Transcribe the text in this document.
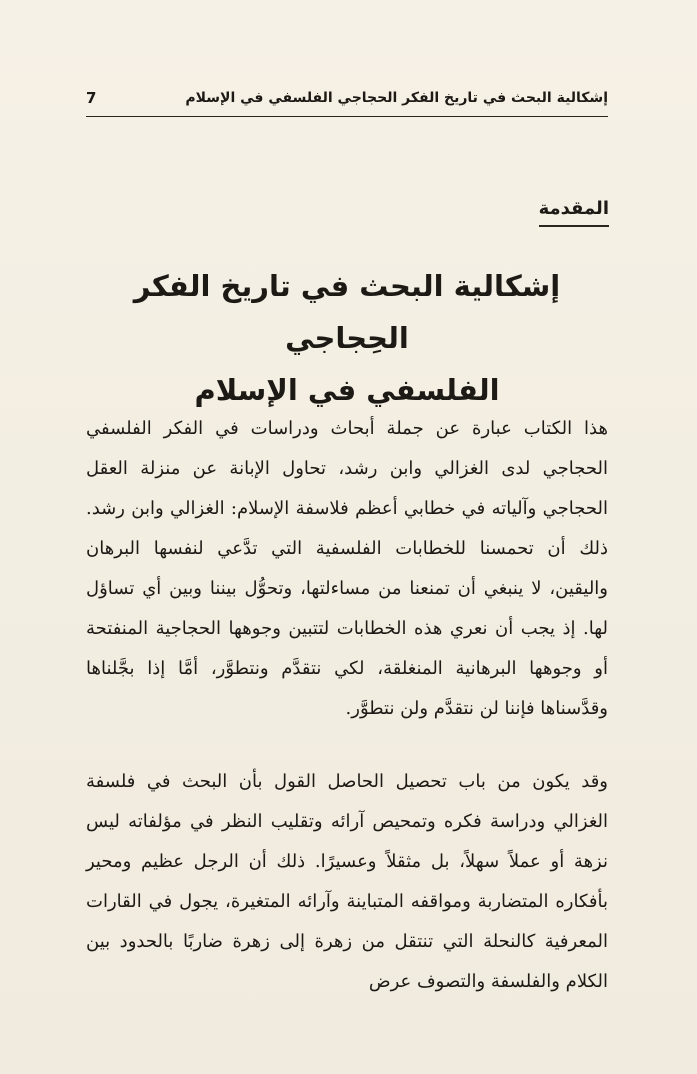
إشكالية البحث في تاريخ الفكر الحجاجي الفلسفي في الإسلام
7
المقدمة
إشكالية البحث في تاريخ الفكر الحِجاجي
الفلسفي في الإسلام
هذا الكتاب عبارة عن جملة أبحاث ودراسات في الفكر الفلسفي الحجاجي لدى الغزالي وابن رشد، تحاول الإبانة عن منزلة العقل الحجاجي وآلياته في خطابي أعظم فلاسفة الإسلام: الغزالي وابن رشد. ذلك أن تحمسنا للخطابات الفلسفية التي تدَّعي لنفسها البرهان واليقين، لا ينبغي أن تمنعنا من مساءلتها، وتحوُّل بيننا وبين أي تساؤل لها. إذ يجب أن نعري هذه الخطابات لتتبين وجوهها الحجاجية المنفتحة أو وجوهها البرهانية المنغلقة، لكي نتقدَّم ونتطوَّر، أمَّا إذا بجَّلناها وقدَّسناها فإننا لن نتقدَّم ولن نتطوَّر.
وقد يكون من باب تحصيل الحاصل القول بأن البحث في فلسفة الغزالي ودراسة فكره وتمحيص آرائه وتقليب النظر في مؤلفاته ليس نزهة أو عملاً سهلاً، بل مثقلاً وعسيرًا. ذلك أن الرجل عظيم ومحير بأفكاره المتضاربة ومواقفه المتباينة وآرائه المتغيرة، يجول في القارات المعرفية كالنحلة التي تنتقل من زهرة إلى زهرة ضاربًا بالحدود بين الكلام والفلسفة والتصوف عرض
